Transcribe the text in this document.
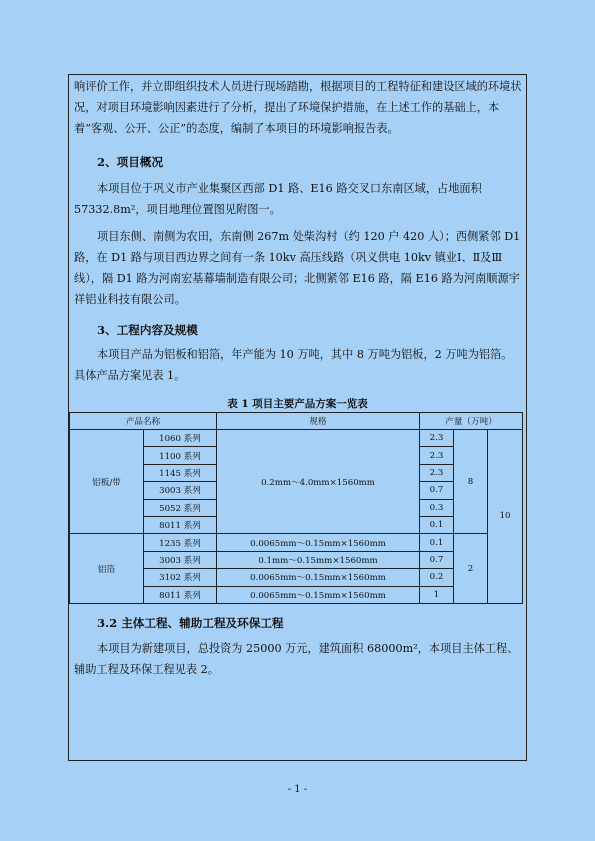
响评价工作，并立即组织技术人员进行现场踏勘，根据项目的工程特征和建设区域的环境状况，对项目环境影响因素进行了分析，提出了环境保护措施，在上述工作的基础上，本着“客观、公开、公正”的态度，编制了本项目的环境影响报告表。

2、项目概况

本项目位于巩义市产业集聚区西部 D1 路、E16 路交叉口东南区域，占地面积 57332.8m²，项目地理位置图见附图一。

项目东侧、南侧为农田，东南侧 267m 处柴沟村（约 120 户 420 人）；西侧紧邻 D1 路，在 D1 路与项目西边界之间有一条 10kv 高压线路（巩义供电 10kv 镇业Ⅰ、Ⅱ及Ⅲ线），隔 D1 路为河南宏基幕墙制造有限公司；北侧紧邻 E16 路，隔 E16 路为河南顺源宇祥铝业科技有限公司。

3、工程内容及规模

本项目产品为铝板和铝箔，年产能为 10 万吨，其中 8 万吨为铝板，2 万吨为铝箔。具体产品方案见表 1。

表 1 项目主要产品方案一览表

产品名称		规格	产量（万吨）		
铝板/带	1060 系列	0.2mm～4.0mm×1560mm	2.3	8	10
	1100 系列		2.3		
	1145 系列		2.3		
	3003 系列		0.7		
	5052 系列		0.3		
	8011 系列		0.1		
铝箔	1235 系列	0.0065mm～0.15mm×1560mm	0.1	2	
	3003 系列	0.1mm～0.15mm×1560mm	0.7		
	3102 系列	0.0065mm～0.15mm×1560mm	0.2		
	8011 系列	0.0065mm～0.15mm×1560mm	1		

3.2 主体工程、辅助工程及环保工程

本项目为新建项目，总投资为 25000 万元，建筑面积 68000m²，本项目主体工程、辅助工程及环保工程见表 2。

- 1 -
